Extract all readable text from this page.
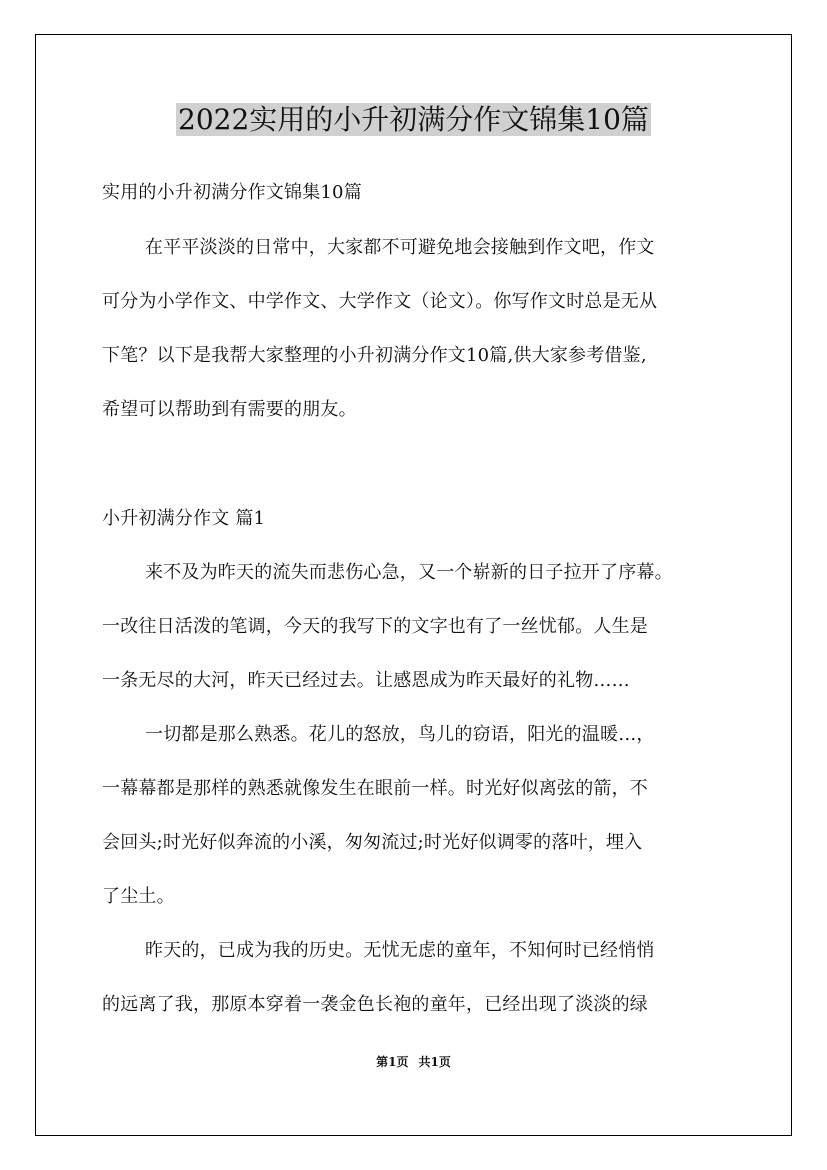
2022实用的小升初满分作文锦集10篇
实用的小升初满分作文锦集10篇
在平平淡淡的日常中，大家都不可避免地会接触到作文吧，作文
可分为小学作文、中学作文、大学作文（论文）。你写作文时总是无从
下笔？以下是我帮大家整理的小升初满分作文10篇,供大家参考借鉴,
希望可以帮助到有需要的朋友。
小升初满分作文 篇1
来不及为昨天的流失而悲伤心急，又一个崭新的日子拉开了序幕。
一改往日活泼的笔调，今天的我写下的文字也有了一丝忧郁。人生是
一条无尽的大河，昨天已经过去。让感恩成为昨天最好的礼物……
一切都是那么熟悉。花儿的怒放，鸟儿的窃语，阳光的温暖…，
一幕幕都是那样的熟悉就像发生在眼前一样。时光好似离弦的箭，不
会回头;时光好似奔流的小溪，匆匆流过;时光好似调零的落叶，埋入
了尘土。
昨天的，已成为我的历史。无忧无虑的童年，不知何时已经悄悄
的远离了我，那原本穿着一袭金色长袍的童年，已经出现了淡淡的绿
第1页 共1页
